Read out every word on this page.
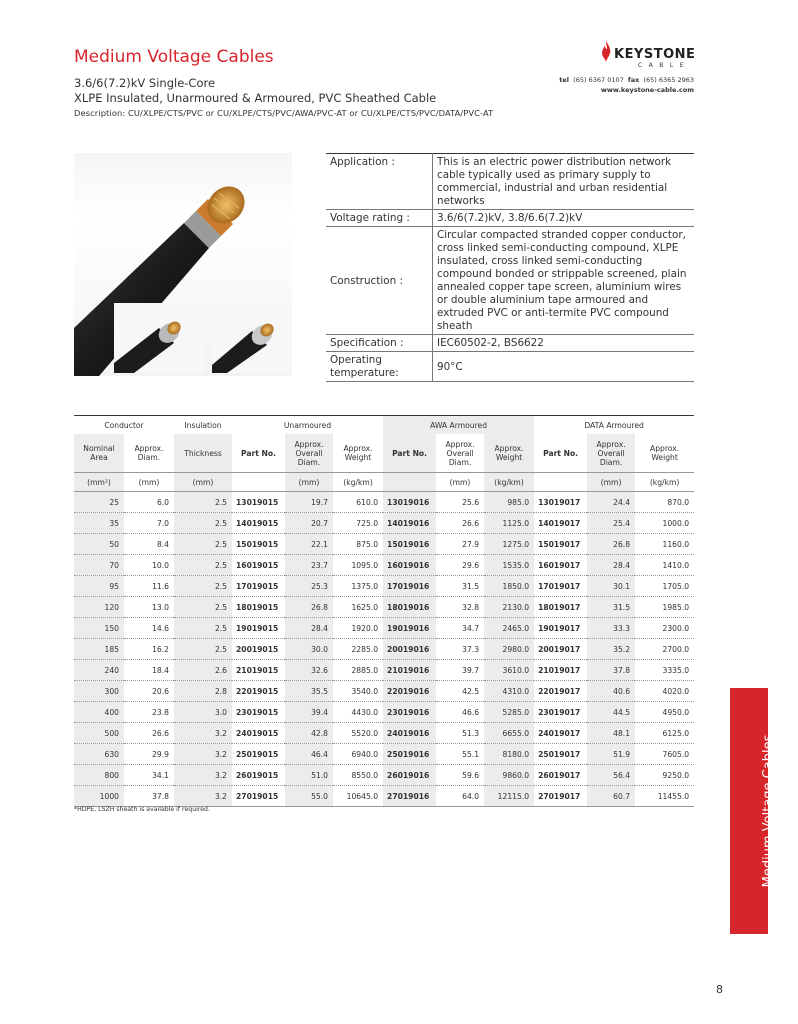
Medium Voltage Cables
3.6/6(7.2)kV Single-Core
XLPE Insulated, Unarmoured & Armoured, PVC Sheathed Cable
Description: CU/XLPE/CTS/PVC or CU/XLPE/CTS/PVC/AWA/PVC-AT or CU/XLPE/CTS/PVC/DATA/PVC-AT
KEYSTONE
CABLE
tel (65) 6367 0107 fax (65) 6365 2963
www.keystone-cable.com
Application :	This is an electric power distribution network cable typically used as primary supply to commercial, industrial and urban residential networks
Voltage rating :	3.6/6(7.2)kV, 3.8/6.6(7.2)kV
Construction :	Circular compacted stranded copper conductor, cross linked semi-conducting compound, XLPE insulated, cross linked semi-conducting compound bonded or strippable screened, plain annealed copper tape screen, aluminium wires or double aluminium tape armoured and extruded PVC or anti-termite PVC compound sheath
Specification :	IEC60502-2, BS6622
Operating temperature:	90°C
Conductor		Insulation	Unarmoured			AWA Armoured			DATA Armoured		
Nominal Area	Approx. Diam.	Thickness	Part No.	Approx. Overall Diam.	Approx. Weight	Part No.	Approx. Overall Diam.	Approx. Weight	Part No.	Approx. Overall Diam.	Approx. Weight
(mm²)	(mm)	(mm)		(mm)	(kg/km)		(mm)	(kg/km)		(mm)	(kg/km)
25	6.0	2.5	13019015	19.7	610.0	13019016	25.6	985.0	13019017	24.4	870.0
35	7.0	2.5	14019015	20.7	725.0	14019016	26.6	1125.0	14019017	25.4	1000.0
50	8.4	2.5	15019015	22.1	875.0	15019016	27.9	1275.0	15019017	26.8	1160.0
70	10.0	2.5	16019015	23.7	1095.0	16019016	29.6	1535.0	16019017	28.4	1410.0
95	11.6	2.5	17019015	25.3	1375.0	17019016	31.5	1850.0	17019017	30.1	1705.0
120	13.0	2.5	18019015	26.8	1625.0	18019016	32.8	2130.0	18019017	31.5	1985.0
150	14.6	2.5	19019015	28.4	1920.0	19019016	34.7	2465.0	19019017	33.3	2300.0
185	16.2	2.5	20019015	30.0	2285.0	20019016	37.3	2980.0	20019017	35.2	2700.0
240	18.4	2.6	21019015	32.6	2885.0	21019016	39.7	3610.0	21019017	37.8	3335.0
300	20.6	2.8	22019015	35.5	3540.0	22019016	42.5	4310.0	22019017	40.6	4020.0
400	23.8	3.0	23019015	39.4	4430.0	23019016	46.6	5285.0	23019017	44.5	4950.0
500	26.6	3.2	24019015	42.8	5520.0	24019016	51.3	6655.0	24019017	48.1	6125.0
630	29.9	3.2	25019015	46.4	6940.0	25019016	55.1	8180.0	25019017	51.9	7605.0
800	34.1	3.2	26019015	51.0	8550.0	26019016	59.6	9860.0	26019017	56.4	9250.0
1000	37.8	3.2	27019015	55.0	10645.0	27019016	64.0	12115.0	27019017	60.7	11455.0
*HDPE, LSZH sheath is available if required.	Medium Voltage Cables
8
